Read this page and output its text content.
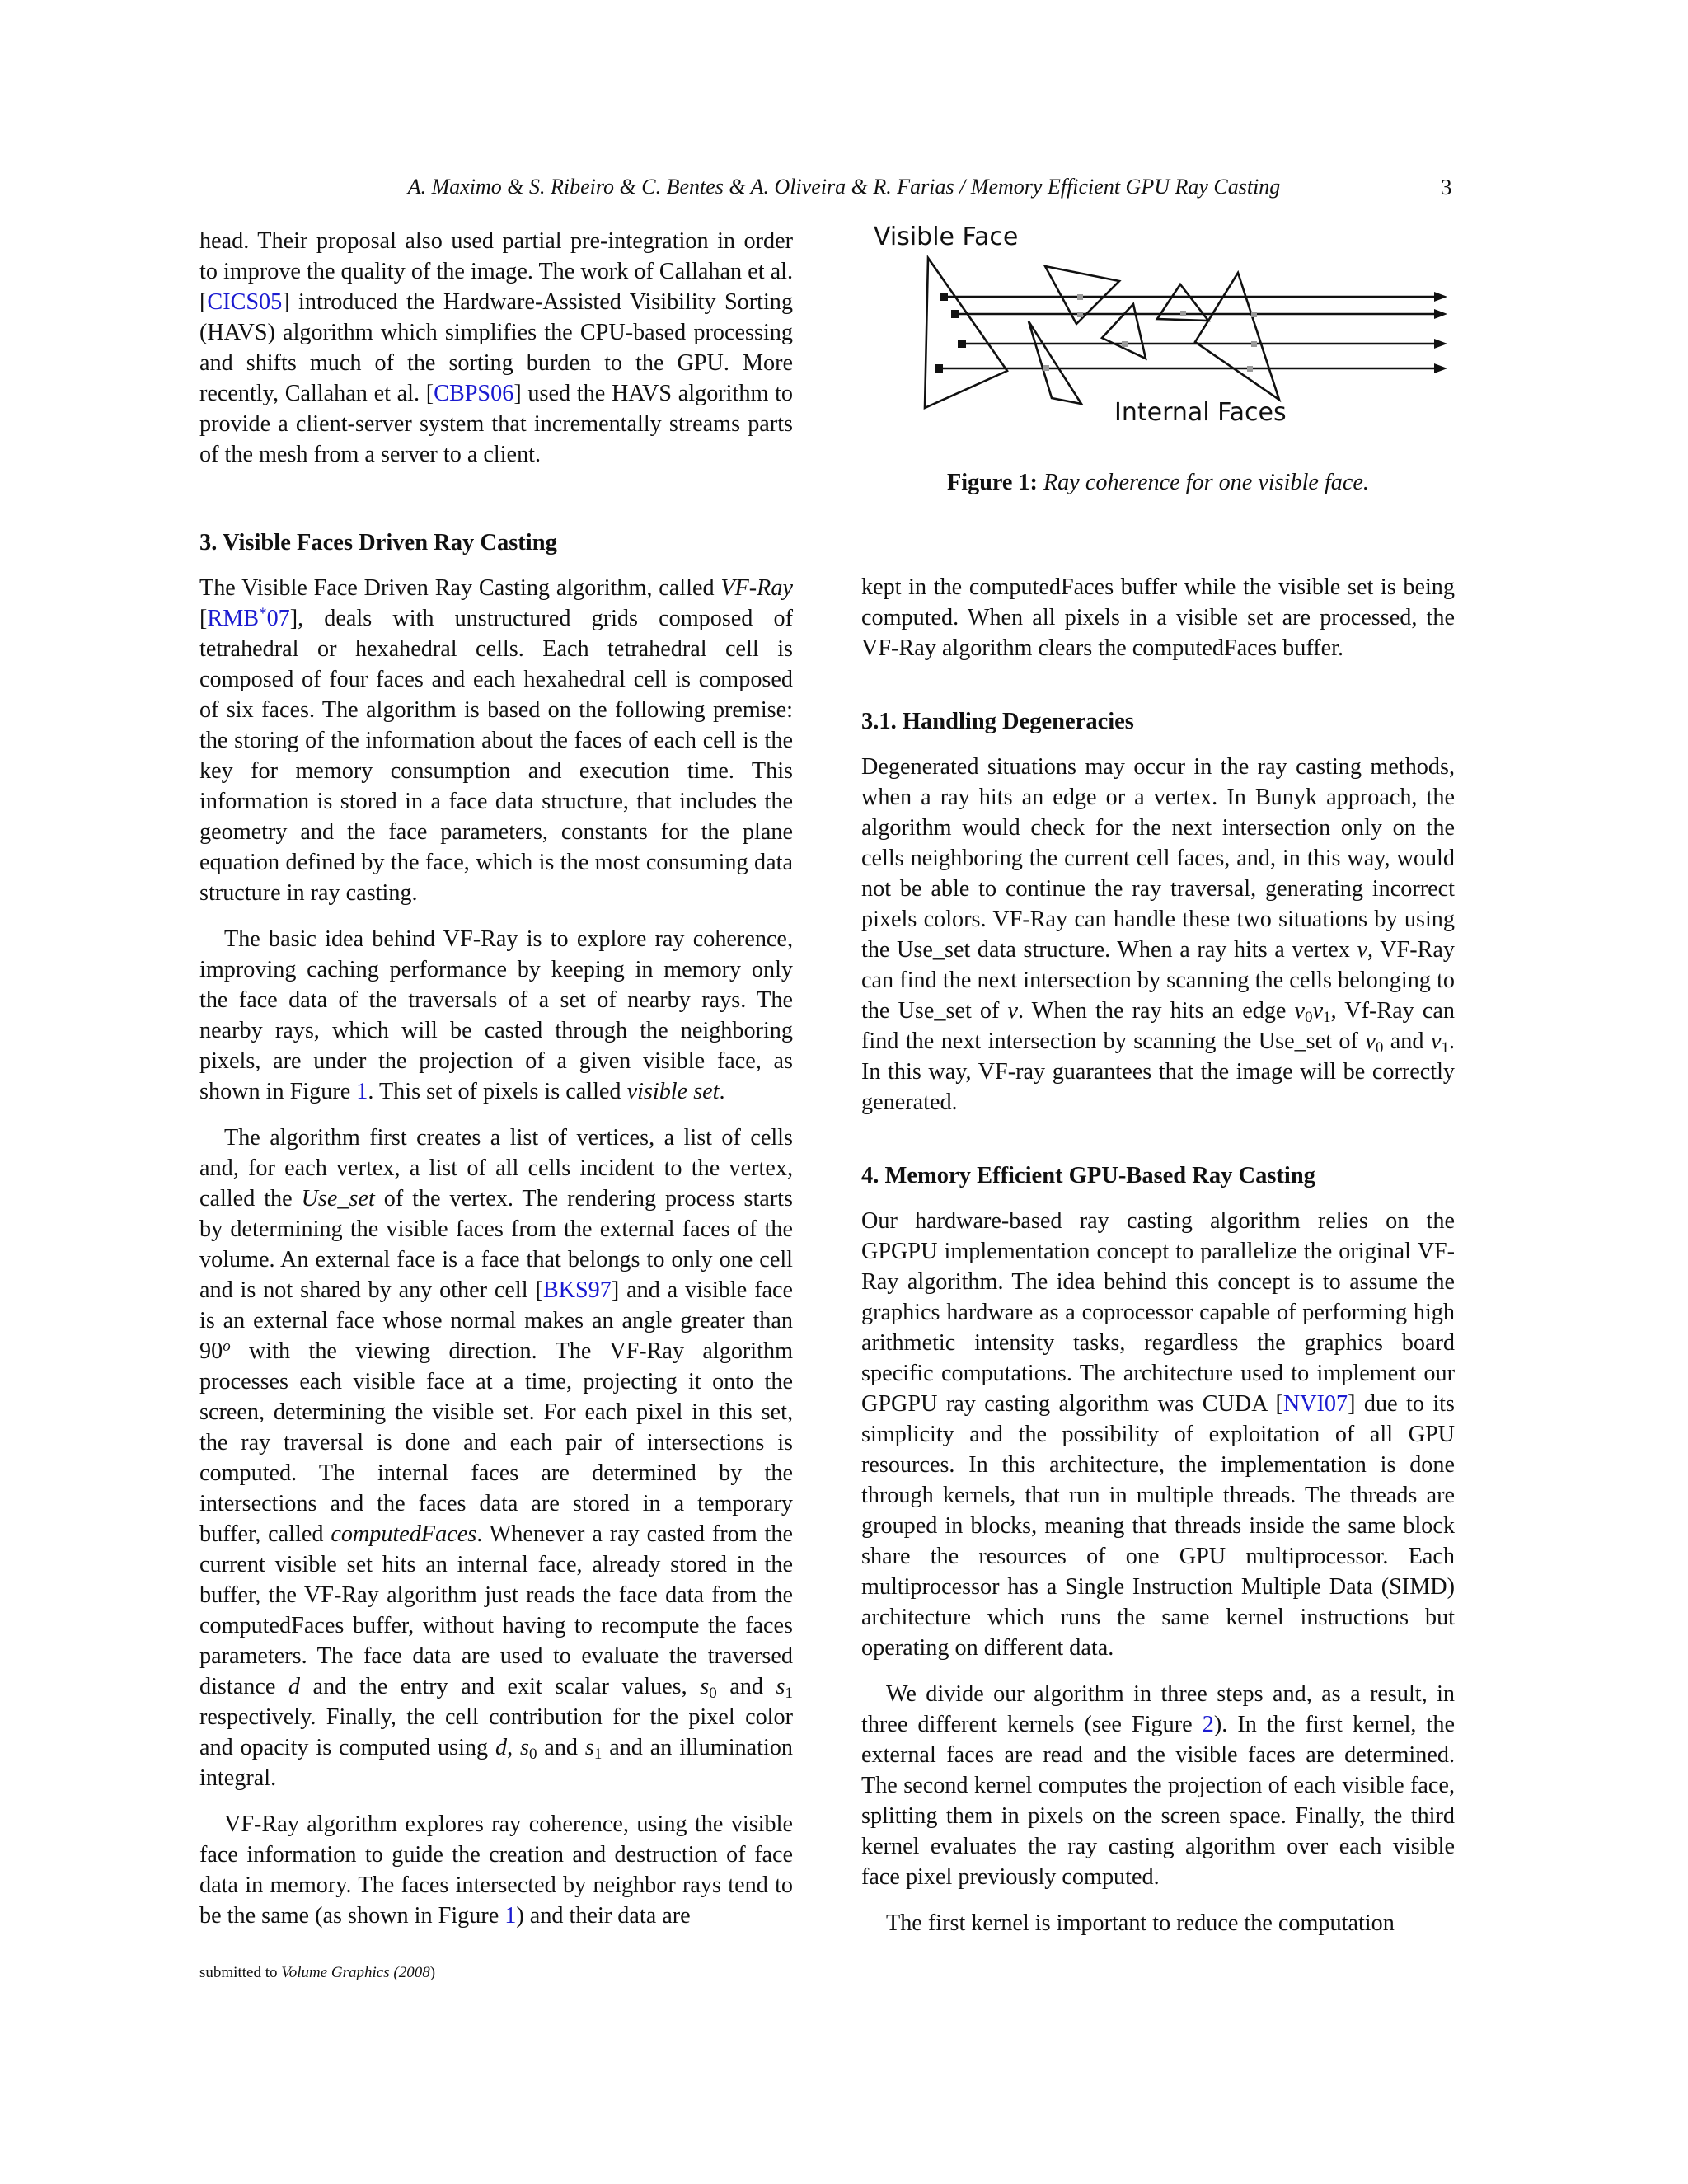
A. Maximo & S. Ribeiro & C. Bentes & A. Oliveira & R. Farias / Memory Efficient GPU Ray Casting	3

head. Their proposal also used partial pre-integration in order to improve the quality of the image. The work of Callahan et al. [CICS05] introduced the Hardware-Assisted Visibility Sorting (HAVS) algorithm which simplifies the CPU-based processing and shifts much of the sorting burden to the GPU. More recently, Callahan et al. [CBPS06] used the HAVS algorithm to provide a client-server system that incrementally streams parts of the mesh from a server to a client.

3. Visible Faces Driven Ray Casting

The Visible Face Driven Ray Casting algorithm, called VF-Ray [RMB*07], deals with unstructured grids composed of tetrahedral or hexahedral cells. Each tetrahedral cell is composed of four faces and each hexahedral cell is composed of six faces. The algorithm is based on the following premise: the storing of the information about the faces of each cell is the key for memory consumption and execution time. This information is stored in a face data structure, that includes the geometry and the face parameters, constants for the plane equation defined by the face, which is the most consuming data structure in ray casting.

The basic idea behind VF-Ray is to explore ray coherence, improving caching performance by keeping in memory only the face data of the traversals of a set of nearby rays. The nearby rays, which will be casted through the neighboring pixels, are under the projection of a given visible face, as shown in Figure 1. This set of pixels is called visible set.

The algorithm first creates a list of vertices, a list of cells and, for each vertex, a list of all cells incident to the vertex, called the Use_set of the vertex. The rendering process starts by determining the visible faces from the external faces of the volume. An external face is a face that belongs to only one cell and is not shared by any other cell [BKS97] and a visible face is an external face whose normal makes an angle greater than 90$^o$ with the viewing direction. The VF-Ray algorithm processes each visible face at a time, projecting it onto the screen, determining the visible set. For each pixel in this set, the ray traversal is done and each pair of intersections is computed. The internal faces are determined by the intersections and the faces data are stored in a temporary buffer, called computedFaces. Whenever a ray casted from the current visible set hits an internal face, already stored in the buffer, the VF-Ray algorithm just reads the face data from the computedFaces buffer, without having to recompute the faces parameters. The face data are used to evaluate the traversed distance d and the entry and exit scalar values, $s_0$ and $s_1$ respectively. Finally, the cell contribution for the pixel color and opacity is computed using d, $s_0$ and $s_1$ and an illumination integral.

VF-Ray algorithm explores ray coherence, using the visible face information to guide the creation and destruction of face data in memory. The faces intersected by neighbor rays tend to be the same (as shown in Figure 1) and their data are

Visible Face
Internal Faces
Figure 1: Ray coherence for one visible face.

kept in the computedFaces buffer while the visible set is being computed. When all pixels in a visible set are processed, the VF-Ray algorithm clears the computedFaces buffer.

3.1. Handling Degeneracies

Degenerated situations may occur in the ray casting methods, when a ray hits an edge or a vertex. In Bunyk approach, the algorithm would check for the next intersection only on the cells neighboring the current cell faces, and, in this way, would not be able to continue the ray traversal, generating incorrect pixels colors. VF-Ray can handle these two situations by using the Use_set data structure. When a ray hits a vertex v, VF-Ray can find the next intersection by scanning the cells belonging to the Use_set of v. When the ray hits an edge $v_0v_1$, Vf-Ray can find the next intersection by scanning the Use_set of $v_0$ and $v_1$. In this way, VF-ray guarantees that the image will be correctly generated.

4. Memory Efficient GPU-Based Ray Casting

Our hardware-based ray casting algorithm relies on the GPGPU implementation concept to parallelize the original VF-Ray algorithm. The idea behind this concept is to assume the graphics hardware as a coprocessor capable of performing high arithmetic intensity tasks, regardless the graphics board specific computations. The architecture used to implement our GPGPU ray casting algorithm was CUDA [NVI07] due to its simplicity and the possibility of exploitation of all GPU resources. In this architecture, the implementation is done through kernels, that run in multiple threads. The threads are grouped in blocks, meaning that threads inside the same block share the resources of one GPU multiprocessor. Each multiprocessor has a Single Instruction Multiple Data (SIMD) architecture which runs the same kernel instructions but operating on different data.

We divide our algorithm in three steps and, as a result, in three different kernels (see Figure 2). In the first kernel, the external faces are read and the visible faces are determined. The second kernel computes the projection of each visible face, splitting them in pixels on the screen space. Finally, the third kernel evaluates the ray casting algorithm over each visible face pixel previously computed.

The first kernel is important to reduce the computation

submitted to Volume Graphics (2008)
